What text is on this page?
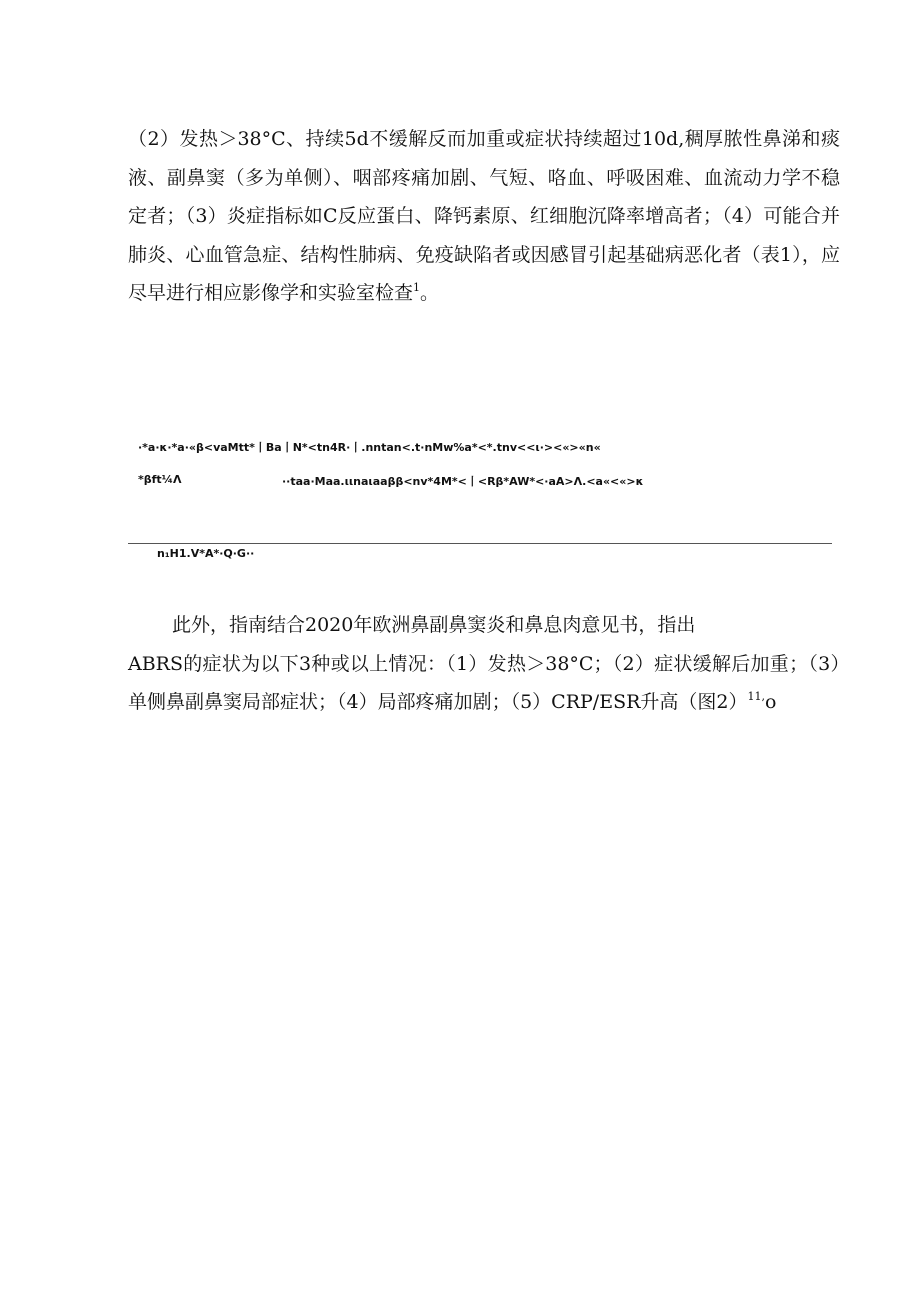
（2）发热＞38°C、持续5d不缓解反而加重或症状持续超过10d,稠厚脓性鼻涕和痰液、副鼻窦（多为单侧）、咽部疼痛加剧、气短、咯血、呼吸困难、血流动力学不稳定者；（3）炎症指标如C反应蛋白、降钙素原、红细胞沉降率增高者；（4）可能合并肺炎、心血管急症、结构性肺病、免疫缺陷者或因感冒引起基础病恶化者（表1），应尽早进行相应影像学和实验室检查$^1$。

·*a·κ·*a·«β<vaMtt*丨Ba丨N*<tn4R·丨.nntan<.t·nMw%a*<*.tnv<<ι·><«>«n«

*βft¼Λ	··taa·Maa.ιιnaιaaββ<nv*4M*<丨<Rβ*AW*<·aA>Λ.<a«<«>κ

n₁H1.V*A*·Q·G··

此外，指南结合2020年欧洲鼻副鼻窦炎和鼻息肉意见书，指出
ABRS的症状为以下3种或以上情况：（1）发热＞38°C；（2）症状缓解后加重；（3）单侧鼻副鼻窦局部症状；（4）局部疼痛加剧；（5）CRP/ESR升高（图2）$^{11,}$o
